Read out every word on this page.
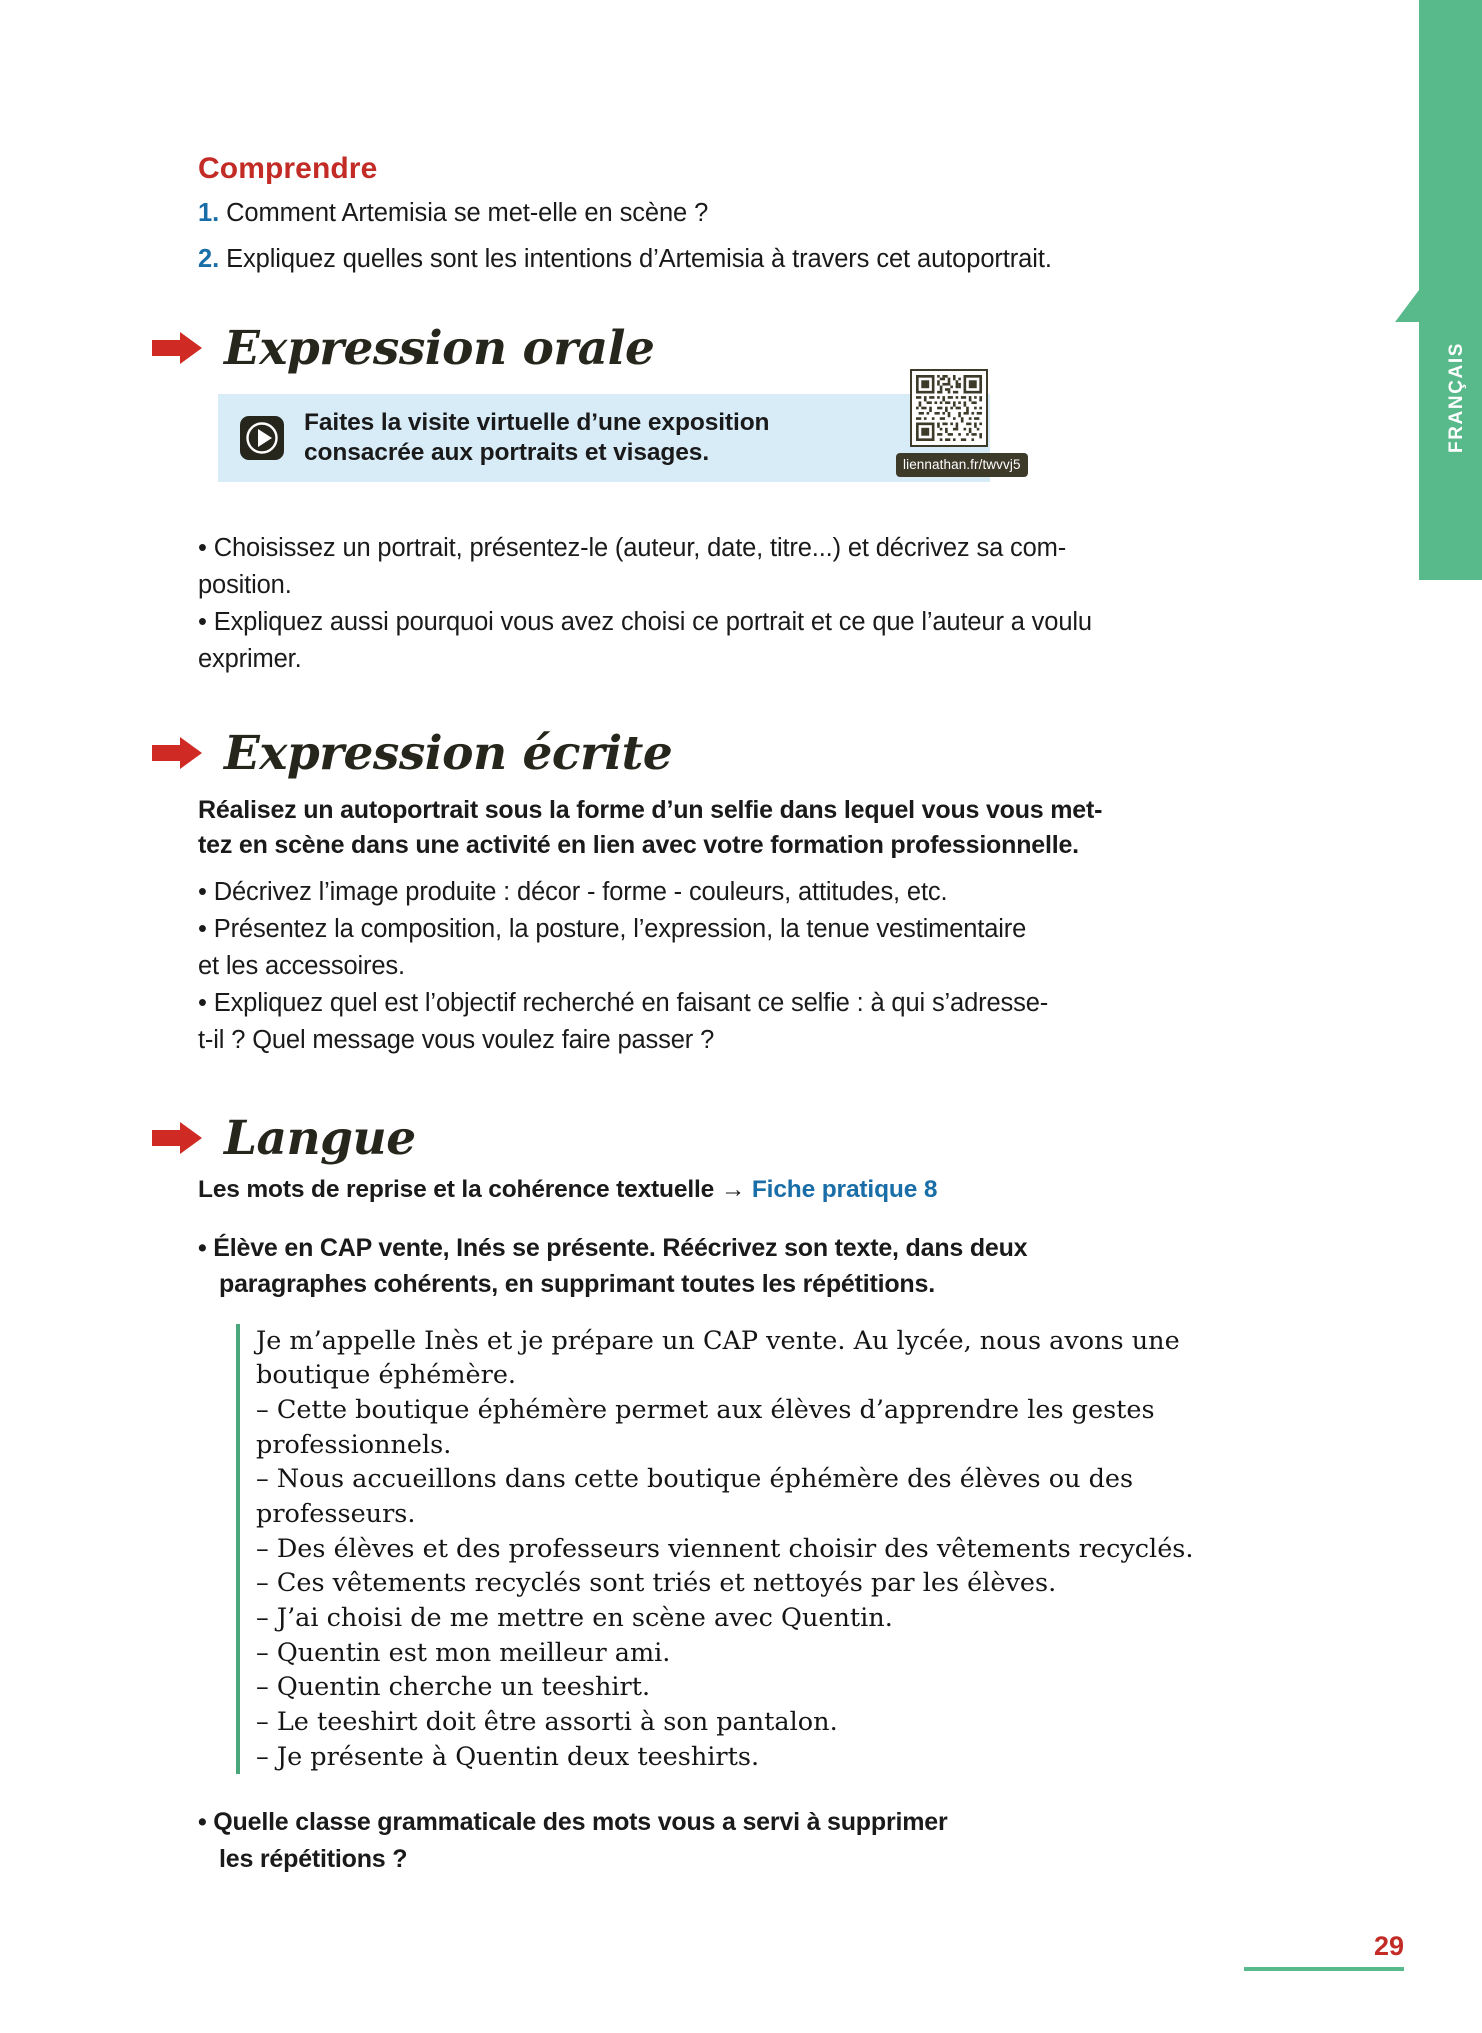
FRANÇAIS
Comprendre
1. Comment Artemisia se met-elle en scène ?
2. Expliquez quelles sont les intentions d’Artemisia à travers cet autoportrait.
Expression orale
Faites la visite virtuelle d’une exposition
consacrée aux portraits et visages.	liennathan.fr/twvvj5
• Choisissez un portrait, présentez-le (auteur, date, titre...) et décrivez sa com-
position.
• Expliquez aussi pourquoi vous avez choisi ce portrait et ce que l’auteur a voulu
exprimer.
Expression écrite
Réalisez un autoportrait sous la forme d’un selfie dans lequel vous vous met-
tez en scène dans une activité en lien avec votre formation professionnelle.
• Décrivez l’image produite : décor - forme - couleurs, attitudes, etc.
• Présentez la composition, la posture, l’expression, la tenue vestimentaire
et les accessoires.
• Expliquez quel est l’objectif recherché en faisant ce selfie : à qui s’adresse-
t-il ? Quel message vous voulez faire passer ?
Langue
Les mots de reprise et la cohérence textuelle → Fiche pratique 8
• Élève en CAP vente, Inés se présente. Réécrivez son texte, dans deux
paragraphes cohérents, en supprimant toutes les répétitions.

Je m’appelle Inès et je prépare un CAP vente. Au lycée, nous avons une

boutique éphémère.

– Cette boutique éphémère permet aux élèves d’apprendre les gestes

professionnels.

– Nous accueillons dans cette boutique éphémère des élèves ou des

professeurs.

– Des élèves et des professeurs viennent choisir des vêtements recyclés.

– Ces vêtements recyclés sont triés et nettoyés par les élèves.

– J’ai choisi de me mettre en scène avec Quentin.

– Quentin est mon meilleur ami.

– Quentin cherche un teeshirt.

– Le teeshirt doit être assorti à son pantalon.

– Je présente à Quentin deux teeshirts.

• Quelle classe grammaticale des mots vous a servi à supprimer
les répétitions ?
29
